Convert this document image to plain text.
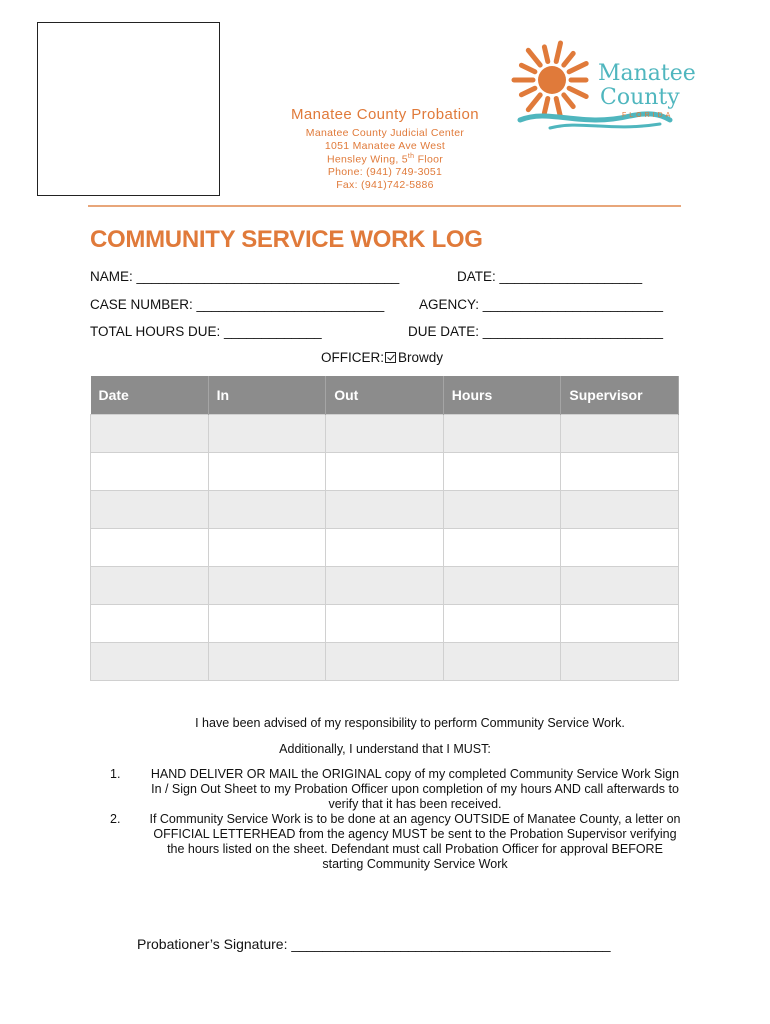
Manatee
County
FLORIDA
Manatee County Probation
Manatee County Judicial Center
1051 Manatee Ave West
Hensley Wing, 5th Floor
Phone: (941) 749-3051
Fax: (941)742-5886
COMMUNITY SERVICE WORK LOG
NAME: ___________________________________	DATE: ___________________
CASE NUMBER: _________________________	AGENCY: ________________________
TOTAL HOURS DUE: _____________	DUE DATE: ________________________
OFFICER: Browdy
Date	In	Out	Hours	Supervisor

I have been advised of my responsibility to perform Community Service Work.
Additionally, I understand that I MUST:
1.	HAND DELIVER OR MAIL the ORIGINAL copy of my completed Community Service Work Sign
In / Sign Out Sheet to my Probation Officer upon completion of my hours AND call afterwards to
verify that it has been received.
2.	If Community Service Work is to be done at an agency OUTSIDE of Manatee County, a letter on
OFFICIAL LETTERHEAD from the agency MUST be sent to the Probation Supervisor verifying
the hours listed on the sheet. Defendant must call Probation Officer for approval BEFORE
starting Community Service Work
Probationer’s Signature: _________________________________________
